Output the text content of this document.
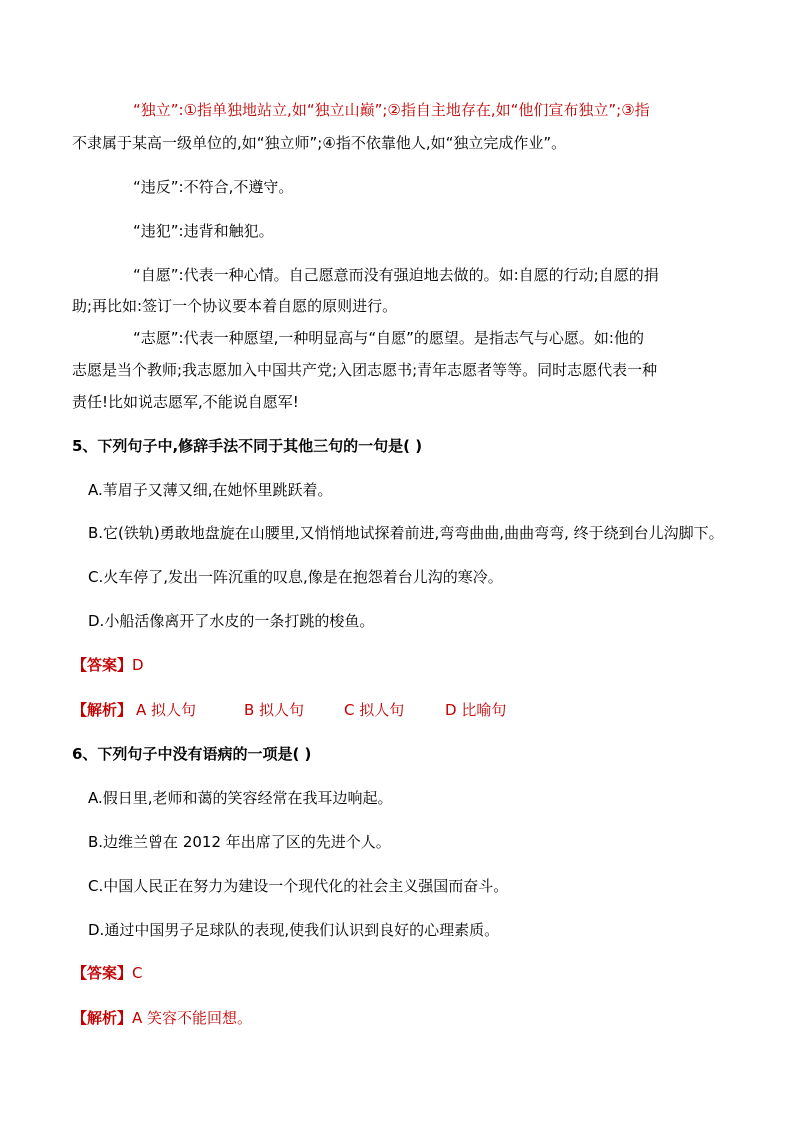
“独立”:①指单独地站立,如“独立山巅”;②指自主地存在,如“他们宣布独立”;③指
不隶属于某高一级单位的,如“独立师”;④指不依靠他人,如“独立完成作业”。
“违反”:不符合,不遵守。
“违犯”:违背和触犯。
“自愿”:代表一种心情。自己愿意而没有强迫地去做的。如:自愿的行动;自愿的捐
助;再比如:签订一个协议要本着自愿的原则进行。
“志愿”:代表一种愿望,一种明显高与“自愿”的愿望。是指志气与心愿。如:他的
志愿是当个教师;我志愿加入中国共产党;入团志愿书;青年志愿者等等。同时志愿代表一种
责任!比如说志愿军,不能说自愿军!
5、下列句子中,修辞手法不同于其他三句的一句是( )
A.苇眉子又薄又细,在她怀里跳跃着。
B.它(铁轨)勇敢地盘旋在山腰里,又悄悄地试探着前进,弯弯曲曲,曲曲弯弯, 终于绕到台儿沟脚下。
C.火车停了,发出一阵沉重的叹息,像是在抱怨着台儿沟的寒冷。
D.小船活像离开了水皮的一条打跳的梭鱼。
【答案】D
【解析】 A 拟人句	B 拟人句	C 拟人句	D 比喻句
6、下列句子中没有语病的一项是( )
A.假日里,老师和蔼的笑容经常在我耳边响起。
B.边维兰曾在 2012 年出席了区的先进个人。
C.中国人民正在努力为建设一个现代化的社会主义强国而奋斗。
D.通过中国男子足球队的表现,使我们认识到良好的心理素质。
【答案】C
【解析】A 笑容不能回想。
